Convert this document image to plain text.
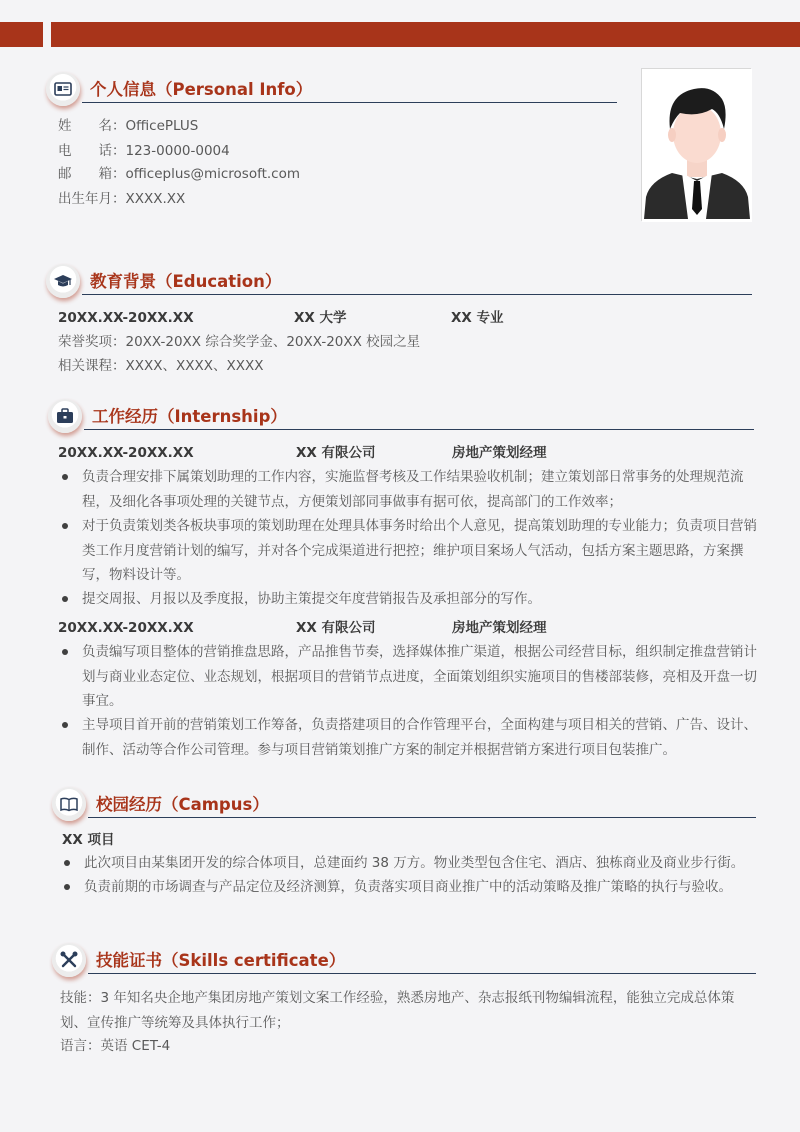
个人信息（Personal Info）
姓　　名：OfficePLUS
电　　话：123-0000-0004
邮　　箱：officeplus@microsoft.com
出生年月：XXXX.XX
教育背景（Education）
20XX.XX-20XX.XX	XX 大学	XX 专业
荣誉奖项：20XX-20XX 综合奖学金、20XX-20XX 校园之星
相关课程：XXXX、XXXX、XXXX
工作经历（Internship）
20XX.XX-20XX.XX	XX 有限公司	房地产策划经理
负责合理安排下属策划助理的工作内容，实施监督考核及工作结果验收机制；建立策划部日常事务的处理规范流程，及细化各事项处理的关键节点，方便策划部同事做事有据可依，提高部门的工作效率；
对于负责策划类各板块事项的策划助理在处理具体事务时给出个人意见，提高策划助理的专业能力；负责项目营销类工作月度营销计划的编写，并对各个完成渠道进行把控；维护项目案场人气活动，包括方案主题思路，方案撰写，物料设计等。
提交周报、月报以及季度报，协助主策提交年度营销报告及承担部分的写作。
20XX.XX-20XX.XX	XX 有限公司	房地产策划经理
负责编写项目整体的营销推盘思路，产品推售节奏，选择媒体推广渠道，根据公司经营目标，组织制定推盘营销计划与商业业态定位、业态规划，根据项目的营销节点进度，全面策划组织实施项目的售楼部装修，亮相及开盘一切事宜。
主导项目首开前的营销策划工作筹备，负责搭建项目的合作管理平台，全面构建与项目相关的营销、广告、设计、制作、活动等合作公司管理。参与项目营销策划推广方案的制定并根据营销方案进行项目包装推广。
校园经历（Campus）
XX 项目
此次项目由某集团开发的综合体项目，总建面约 38 万方。物业类型包含住宅、酒店、独栋商业及商业步行街。
负责前期的市场调查与产品定位及经济测算，负责落实项目商业推广中的活动策略及推广策略的执行与验收。
技能证书（Skills certificate）
技能：3 年知名央企地产集团房地产策划文案工作经验，熟悉房地产、杂志报纸刊物编辑流程，能独立完成总体策划、宣传推广等统筹及具体执行工作；
语言：英语 CET-4
